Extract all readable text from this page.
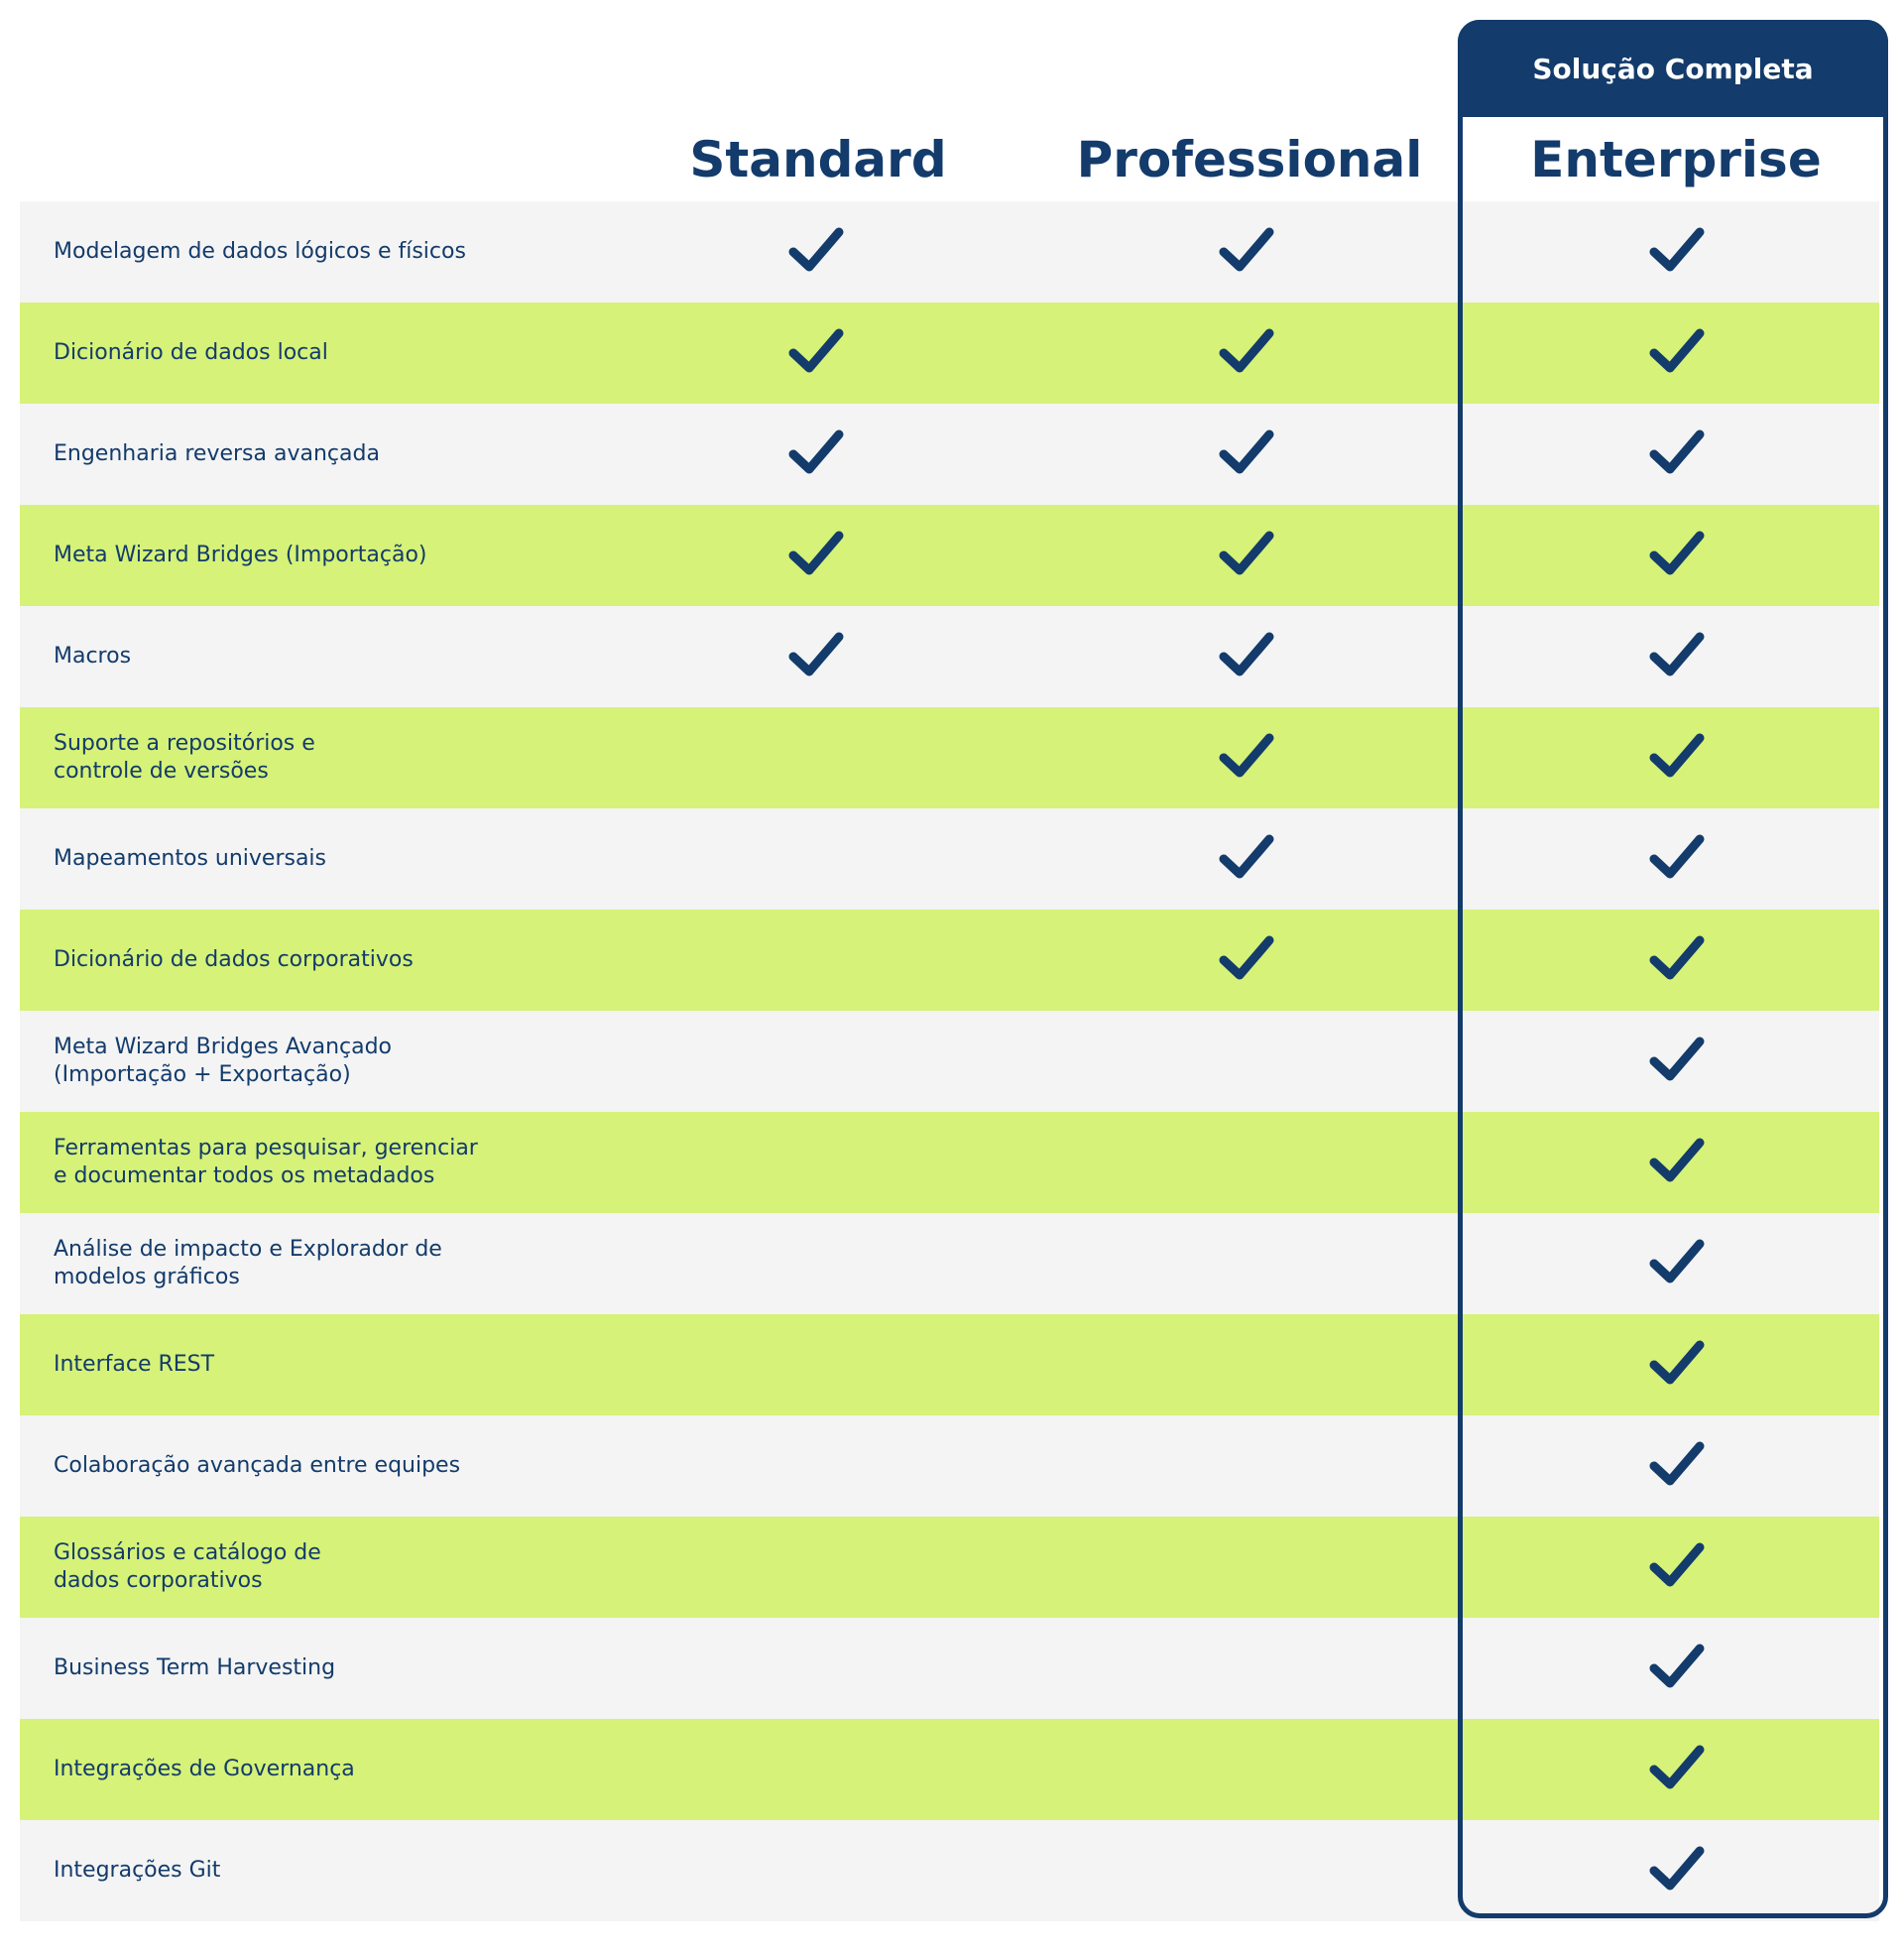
Solução Completa
Standard	Professional	Enterprise
Modelagem de dados lógicos e físicos
Dicionário de dados local
Engenharia reversa avançada
Meta Wizard Bridges (Importação)
Macros
Suporte a repositórios e
controle de versões
Mapeamentos universais
Dicionário de dados corporativos
Meta Wizard Bridges Avançado
(Importação + Exportação)
Ferramentas para pesquisar, gerenciar
e documentar todos os metadados
Análise de impacto e Explorador de
modelos gráficos
Interface REST
Colaboração avançada entre equipes
Glossários e catálogo de
dados corporativos
Business Term Harvesting
Integrações de Governança
Integrações Git
